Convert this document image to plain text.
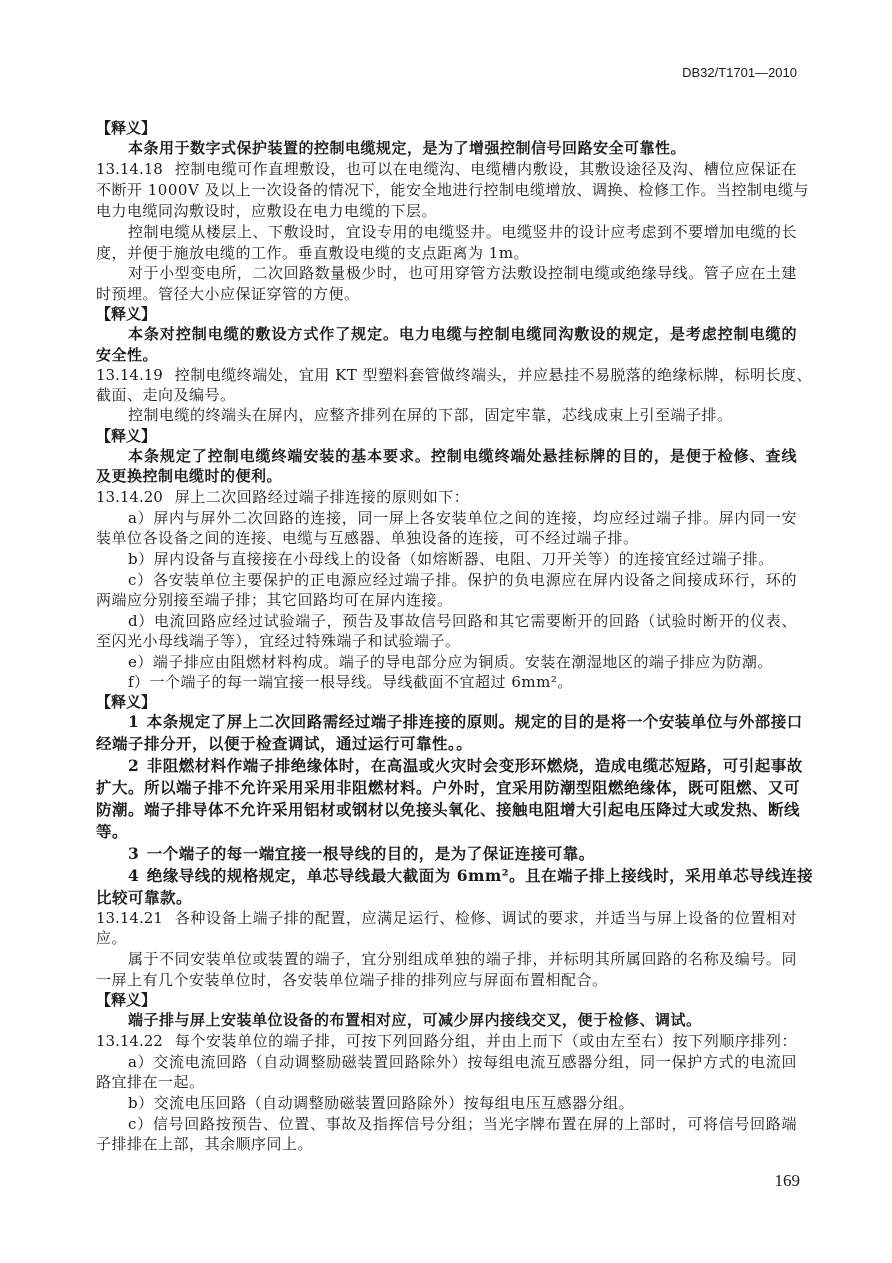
DB32/T1701—2010
【释义】
本条用于数字式保护装置的控制电缆规定，是为了增强控制信号回路安全可靠性。
13.14.18 控制电缆可作直埋敷设，也可以在电缆沟、电缆槽内敷设，其敷设途径及沟、槽位应保证在
不断开 1000V 及以上一次设备的情况下，能安全地进行控制电缆增放、调换、检修工作。当控制电缆与
电力电缆同沟敷设时，应敷设在电力电缆的下层。
控制电缆从楼层上、下敷设时，宜设专用的电缆竖井。电缆竖井的设计应考虑到不要增加电缆的长
度，并便于施放电缆的工作。垂直敷设电缆的支点距离为 1m。
对于小型变电所，二次回路数量极少时，也可用穿管方法敷设控制电缆或绝缘导线。管子应在土建
时预埋。管径大小应保证穿管的方便。
【释义】
本条对控制电缆的敷设方式作了规定。电力电缆与控制电缆同沟敷设的规定，是考虑控制电缆的
安全性。
13.14.19 控制电缆终端处，宜用 KT 型塑料套管做终端头，并应悬挂不易脱落的绝缘标牌，标明长度、
截面、走向及编号。
控制电缆的终端头在屏内，应整齐排列在屏的下部，固定牢靠，芯线成束上引至端子排。
【释义】
本条规定了控制电缆终端安装的基本要求。控制电缆终端处悬挂标牌的目的，是便于检修、查线
及更换控制电缆时的便利。
13.14.20 屏上二次回路经过端子排连接的原则如下：
a）屏内与屏外二次回路的连接，同一屏上各安装单位之间的连接，均应经过端子排。屏内同一安
装单位各设备之间的连接、电缆与互感器、单独设备的连接，可不经过端子排。
b）屏内设备与直接接在小母线上的设备（如熔断器、电阻、刀开关等）的连接宜经过端子排。
c）各安装单位主要保护的正电源应经过端子排。保护的负电源应在屏内设备之间接成环行，环的
两端应分别接至端子排；其它回路均可在屏内连接。
d）电流回路应经过试验端子，预告及事故信号回路和其它需要断开的回路（试验时断开的仪表、
至闪光小母线端子等），宜经过特殊端子和试验端子。
e）端子排应由阻燃材料构成。端子的导电部分应为铜质。安装在潮湿地区的端子排应为防潮。
f）一个端子的每一端宜接一根导线。导线截面不宜超过 6mm²。
【释义】
1 本条规定了屏上二次回路需经过端子排连接的原则。规定的目的是将一个安装单位与外部接口
经端子排分开，以便于检查调试，通过运行可靠性。。
2 非阻燃材料作端子排绝缘体时，在高温或火灾时会变形环燃烧，造成电缆芯短路，可引起事故
扩大。所以端子排不允许采用采用非阻燃材料。户外时，宜采用防潮型阻燃绝缘体，既可阻燃、又可
防潮。端子排导体不允许采用铝材或钢材以免接头氧化、接触电阻增大引起电压降过大或发热、断线
等。
3 一个端子的每一端宜接一根导线的目的，是为了保证连接可靠。
4 绝缘导线的规格规定，单芯导线最大截面为 6mm²。且在端子排上接线时，采用单芯导线连接
比较可靠款。
13.14.21 各种设备上端子排的配置，应满足运行、检修、调试的要求，并适当与屏上设备的位置相对
应。
属于不同安装单位或装置的端子，宜分别组成单独的端子排，并标明其所属回路的名称及编号。同
一屏上有几个安装单位时，各安装单位端子排的排列应与屏面布置相配合。
【释义】
端子排与屏上安装单位设备的布置相对应，可减少屏内接线交叉，便于检修、调试。
13.14.22 每个安装单位的端子排，可按下列回路分组，并由上而下（或由左至右）按下列顺序排列：
a）交流电流回路（自动调整励磁装置回路除外）按每组电流互感器分组，同一保护方式的电流回
路宜排在一起。
b）交流电压回路（自动调整励磁装置回路除外）按每组电压互感器分组。
c）信号回路按预告、位置、事故及指挥信号分组；当光字牌布置在屏的上部时，可将信号回路端
子排排在上部，其余顺序同上。
169
